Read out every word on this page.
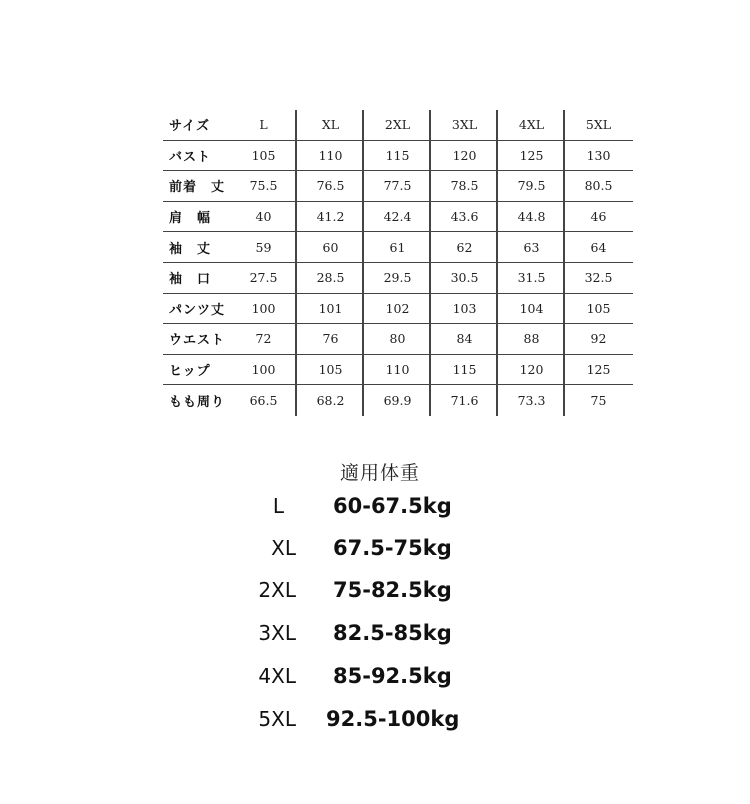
サイズ	L	XL	2XL	3XL	4XL	5XL
バスト	105	110	115	120	125	130
前着　丈	75.5	76.5	77.5	78.5	79.5	80.5
肩　幅	40	41.2	42.4	43.6	44.8	46
袖　丈	59	60	61	62	63	64
袖　口	27.5	28.5	29.5	30.5	31.5	32.5
パンツ丈	100	101	102	103	104	105
ウエスト	72	76	80	84	88	92
ヒップ	100	105	110	115	120	125
もも周り	66.5	68.2	69.9	71.6	73.3	75
適用体重
L 60-67.5kg
XL 67.5-75kg
2XL 75-82.5kg
3XL 82.5-85kg
4XL 85-92.5kg
5XL 92.5-100kg
